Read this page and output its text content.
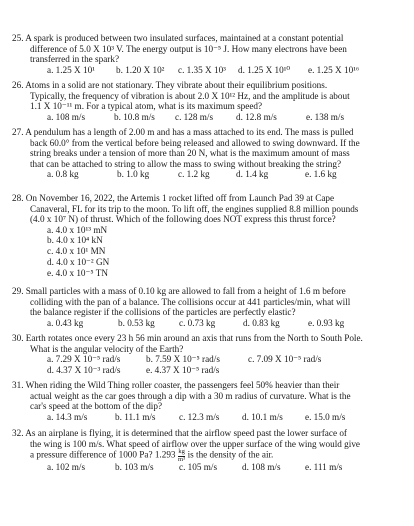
25. A spark is produced between two insulated surfaces, maintained at a constant potential
difference of 5.0 X 10³ V. The energy output is 10⁻⁵ J. How many electrons have been
transferred in the spark?
a. 1.25 X 10¹ b. 1.20 X 10² c. 1.35 X 10³ d. 1.25 X 10¹⁰ e. 1.25 X 10¹⁶
26. Atoms in a solid are not stationary. They vibrate about their equilibrium positions.
Typically, the frequency of vibration is about 2.0 X 10¹² Hz, and the amplitude is about
1.1 X 10⁻¹¹ m. For a typical atom, what is its maximum speed?
a. 108 m/s	b. 10.8 m/s c. 128 m/s d. 12.8 m/s	e. 138 m/s
27. A pendulum has a length of 2.00 m and has a mass attached to its end. The mass is pulled
back 60.0° from the vertical before being released and allowed to swing downward. If the
string breaks under a tension of more than 20 N, what is the maximum amount of mass
that can be attached to string to allow the mass to swing without breaking the string?
a. 0.8 kg	b. 1.0 kg	c. 1.2 kg	d. 1.4 kg	e. 1.6 kg
28. On November 16, 2022, the Artemis 1 rocket lifted off from Launch Pad 39 at Cape
Canaveral, FL for its trip to the moon. To lift off, the engines supplied 8.8 million pounds
(4.0 x 10⁷ N) of thrust. Which of the following does NOT express this thrust force?
a. 4.0 x 10¹³ mN
b. 4.0 x 10⁴ kN
c. 4.0 x 10¹ MN
d. 4.0 x 10⁻² GN
e. 4.0 x 10⁻⁵ TN
29. Small particles with a mass of 0.10 kg are allowed to fall from a height of 1.6 m before
colliding with the pan of a balance. The collisions occur at 441 particles/min, what will
the balance register if the collisions of the particles are perfectly elastic?
a. 0.43 kg	b. 0.53 kg	c. 0.73 kg	d. 0.83 kg	e. 0.93 kg
30. Earth rotates once every 23 h 56 min around an axis that runs from the North to South Pole.
What is the angular velocity of the Earth?
a. 7.29 X 10⁻⁵ rad/s	b. 7.59 X 10⁻⁵ rad/s	c. 7.09 X 10⁻⁵ rad/s
d. 4.37 X 10⁻³ rad/s	e. 4.37 X 10⁻⁵ rad/s
31. When riding the Wild Thing roller coaster, the passengers feel 50% heavier than their
actual weight as the car goes through a dip with a 30 m radius of curvature. What is the
car's speed at the bottom of the dip?
a. 14.3 m/s	b. 11.1 m/s	c. 12.3 m/s d. 10.1 m/s e. 15.0 m/s
32. As an airplane is flying, it is determined that the airflow speed past the lower surface of
the wing is 100 m/s. What speed of airflow over the upper surface of the wing would give
a pressure difference of 1000 Pa? $1.293 \frac{kg}{\text{m³}}$ is the density of the air.
a. 102 m/s	b. 103 m/s	c. 105 m/s	d. 108 m/s	e. 111 m/s
